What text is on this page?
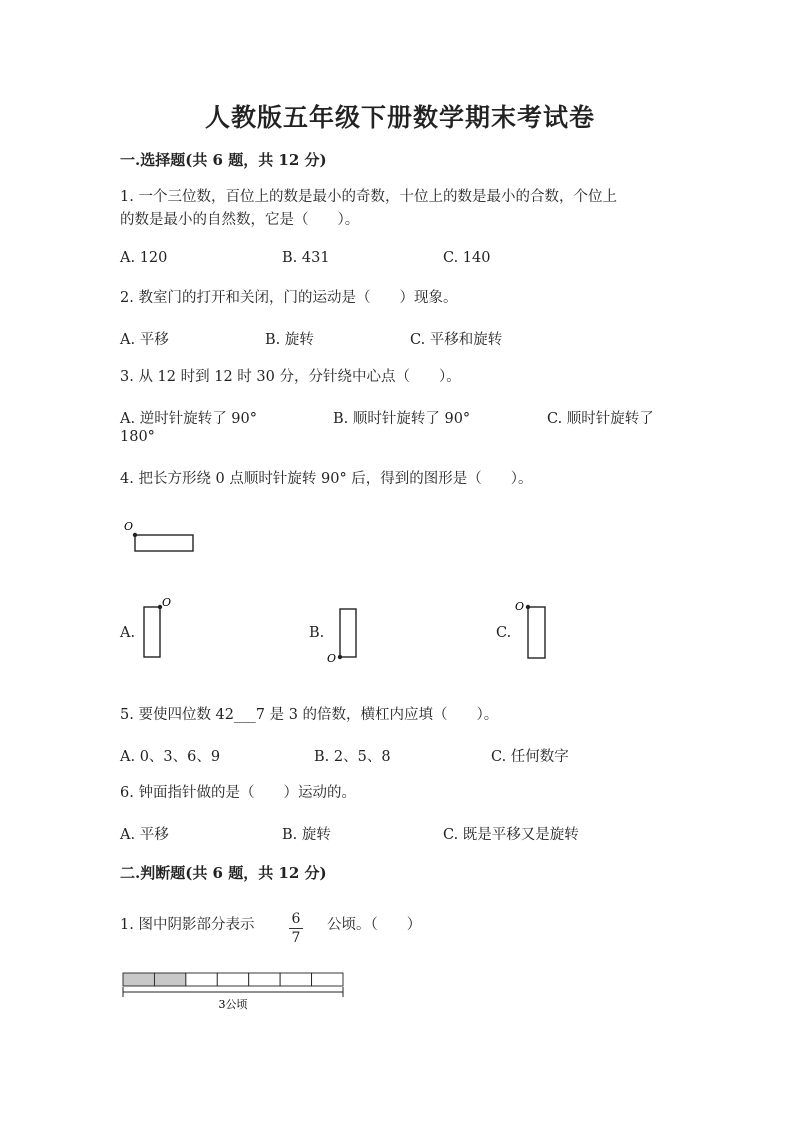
人教版五年级下册数学期末考试卷
一.选择题(共 6 题，共 12 分)
1. 一个三位数，百位上的数是最小的奇数，十位上的数是最小的合数，个位上
的数是最小的自然数，它是（　　）。
A. 120	B. 431	C. 140
2. 教室门的打开和关闭，门的运动是（　　）现象。
A. 平移	B. 旋转	C. 平移和旋转
3. 从 12 时到 12 时 30 分，分针绕中心点（　　）。
A. 逆时针旋转了 90°	B. 顺时针旋转了 90°	C. 顺时针旋转了
180°
4. 把长方形绕 0 点顺时针旋转 90° 后，得到的图形是（　　）。
O
A.
O
B.
O
C.
O
5. 要使四位数 42___7 是 3 的倍数，横杠内应填（　　）。
A. 0、3、6、9	B. 2、5、8	C. 任何数字
6. 钟面指针做的是（　　）运动的。
A. 平移	B. 旋转	C. 既是平移又是旋转
二.判断题(共 6 题，共 12 分)
1. 图中阴影部分表示	6
7
公顷。（　　）
3公顷
